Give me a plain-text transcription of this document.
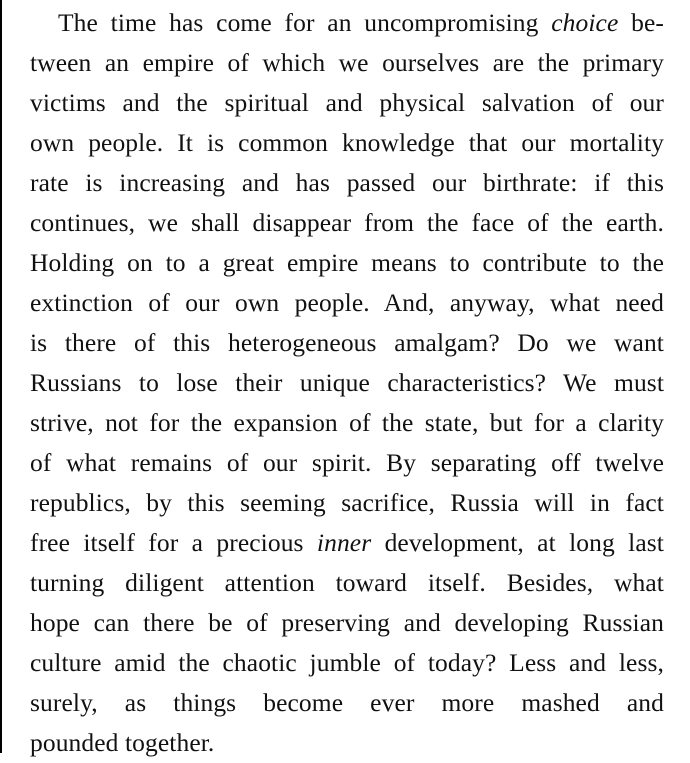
The time has come for an uncompromising choice be-
tween an empire of which we ourselves are the primary
victims and the spiritual and physical salvation of our
own people. It is common knowledge that our mortality
rate is increasing and has passed our birthrate: if this
continues, we shall disappear from the face of the earth.
Holding on to a great empire means to contribute to the
extinction of our own people. And, anyway, what need
is there of this heterogeneous amalgam? Do we want
Russians to lose their unique characteristics? We must
strive, not for the expansion of the state, but for a clarity
of what remains of our spirit. By separating off twelve
republics, by this seeming sacrifice, Russia will in fact
free itself for a precious inner development, at long last
turning diligent attention toward itself. Besides, what
hope can there be of preserving and developing Russian
culture amid the chaotic jumble of today? Less and less,
surely, as things become ever more mashed and
pounded together.
